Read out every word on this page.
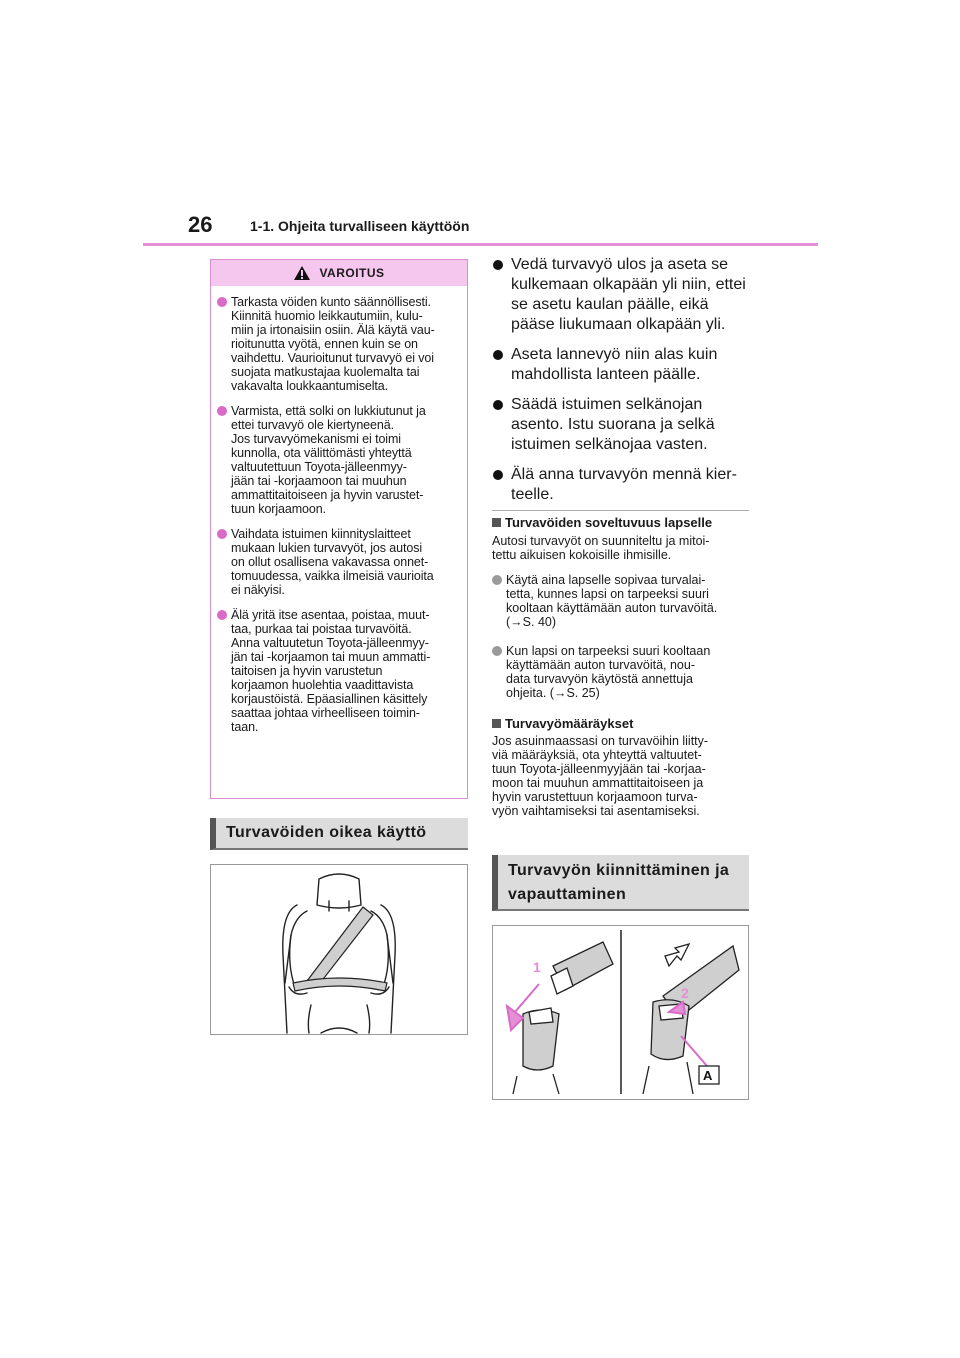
26	1-1. Ohjeita turvalliseen käyttöön
VAROITUS
Tarkasta vöiden kunto säännöllisesti.
Kiinnitä huomio leikkautumiin, kulu-
miin ja irtonaisiin osiin. Älä käytä vau-
rioitunutta vyötä, ennen kuin se on
vaihdettu. Vaurioitunut turvavyö ei voi
suojata matkustajaa kuolemalta tai
vakavalta loukkaantumiselta.
Varmista, että solki on lukkiutunut ja
ettei turvavyö ole kiertyneenä.
Jos turvavyömekanismi ei toimi
kunnolla, ota välittömästi yhteyttä
valtuutettuun Toyota-jälleenmyy-
jään tai -korjaamoon tai muuhun
ammattitaitoiseen ja hyvin varustet-
tuun korjaamoon.
Vaihdata istuimen kiinnityslaitteet
mukaan lukien turvavyöt, jos autosi
on ollut osallisena vakavassa onnet-
tomuudessa, vaikka ilmeisiä vaurioita
ei näkyisi.
Älä yritä itse asentaa, poistaa, muut-
taa, purkaa tai poistaa turvavöitä.
Anna valtuutetun Toyota-jälleenmyy-
jän tai -korjaamon tai muun ammatti-
taitoisen ja hyvin varustetun
korjaamon huolehtia vaadittavista
korjaustöistä. Epäasiallinen käsittely
saattaa johtaa virheelliseen toimin-
taan.
Turvavöiden oikea käyttö
Vedä turvavyö ulos ja aseta se kulkemaan olkapään yli niin, ettei se asetu kaulan päälle, eikä pääse liukumaan olkapään yli.
Aseta lannevyö niin alas kuin mahdollista lanteen päälle.
Säädä istuimen selkänojan asento. Istu suorana ja selkä istuimen selkänojaa vasten.
Älä anna turvavyön mennä kier-teelle.
Turvavöiden soveltuvuus lapselle
Autosi turvavyöt on suunniteltu ja mitoi-
tettu aikuisen kokoisille ihmisille.
Käytä aina lapselle sopivaa turvalai-
tetta, kunnes lapsi on tarpeeksi suuri
kooltaan käyttämään auton turvavöitä.
(→S. 40)
Kun lapsi on tarpeeksi suuri kooltaan
käyttämään auton turvavöitä, nou-
data turvavyön käytöstä annettuja
ohjeita. (→S. 25)
Turvavyömääräykset
Jos asuinmaassasi on turvavöihin liitty-
viä määräyksiä, ota yhteyttä valtuutet-
tuun Toyota-jälleenmyyjään tai -korjaa-
moon tai muuhun ammattitaitoiseen ja
hyvin varustettuun korjaamoon turva-
vyön vaihtamiseksi tai asentamiseksi.
Turvavyön kiinnittäminen ja
vapauttaminen
1
2
A
